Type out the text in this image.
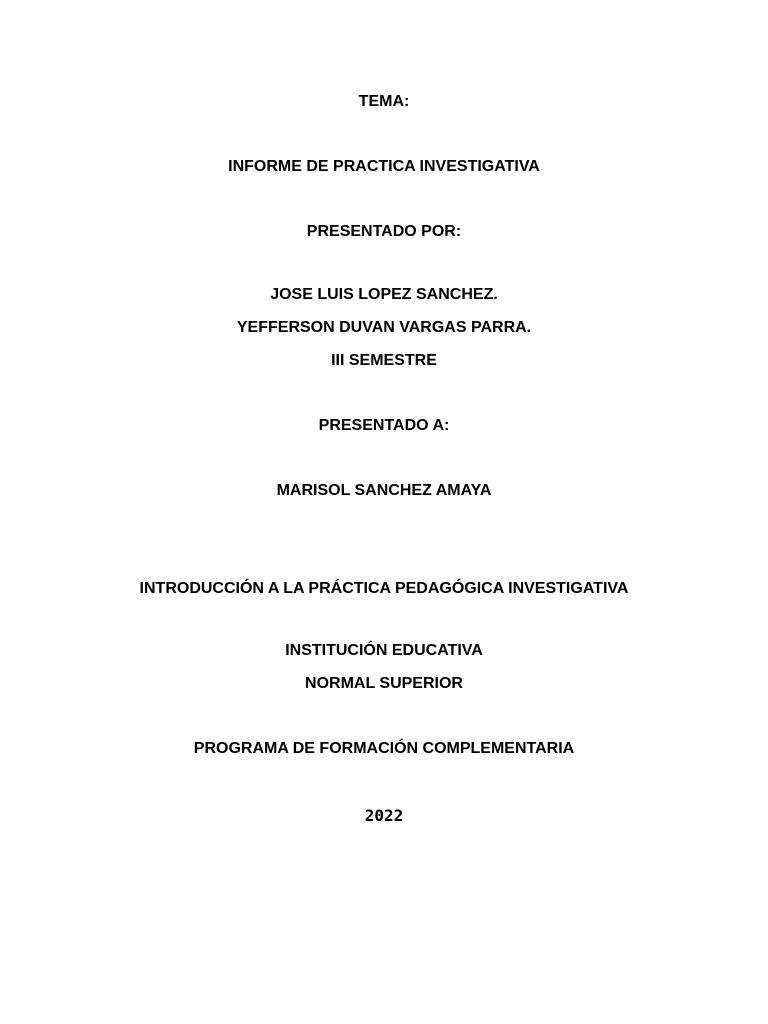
TEMA:
INFORME DE PRACTICA INVESTIGATIVA
PRESENTADO POR:
JOSE LUIS LOPEZ SANCHEZ.
YEFFERSON DUVAN VARGAS PARRA.
III SEMESTRE
PRESENTADO A:
MARISOL SANCHEZ AMAYA
INTRODUCCIÓN A LA PRÁCTICA PEDAGÓGICA INVESTIGATIVA
INSTITUCIÓN EDUCATIVA
NORMAL SUPERIOR
PROGRAMA DE FORMACIÓN COMPLEMENTARIA
2022
